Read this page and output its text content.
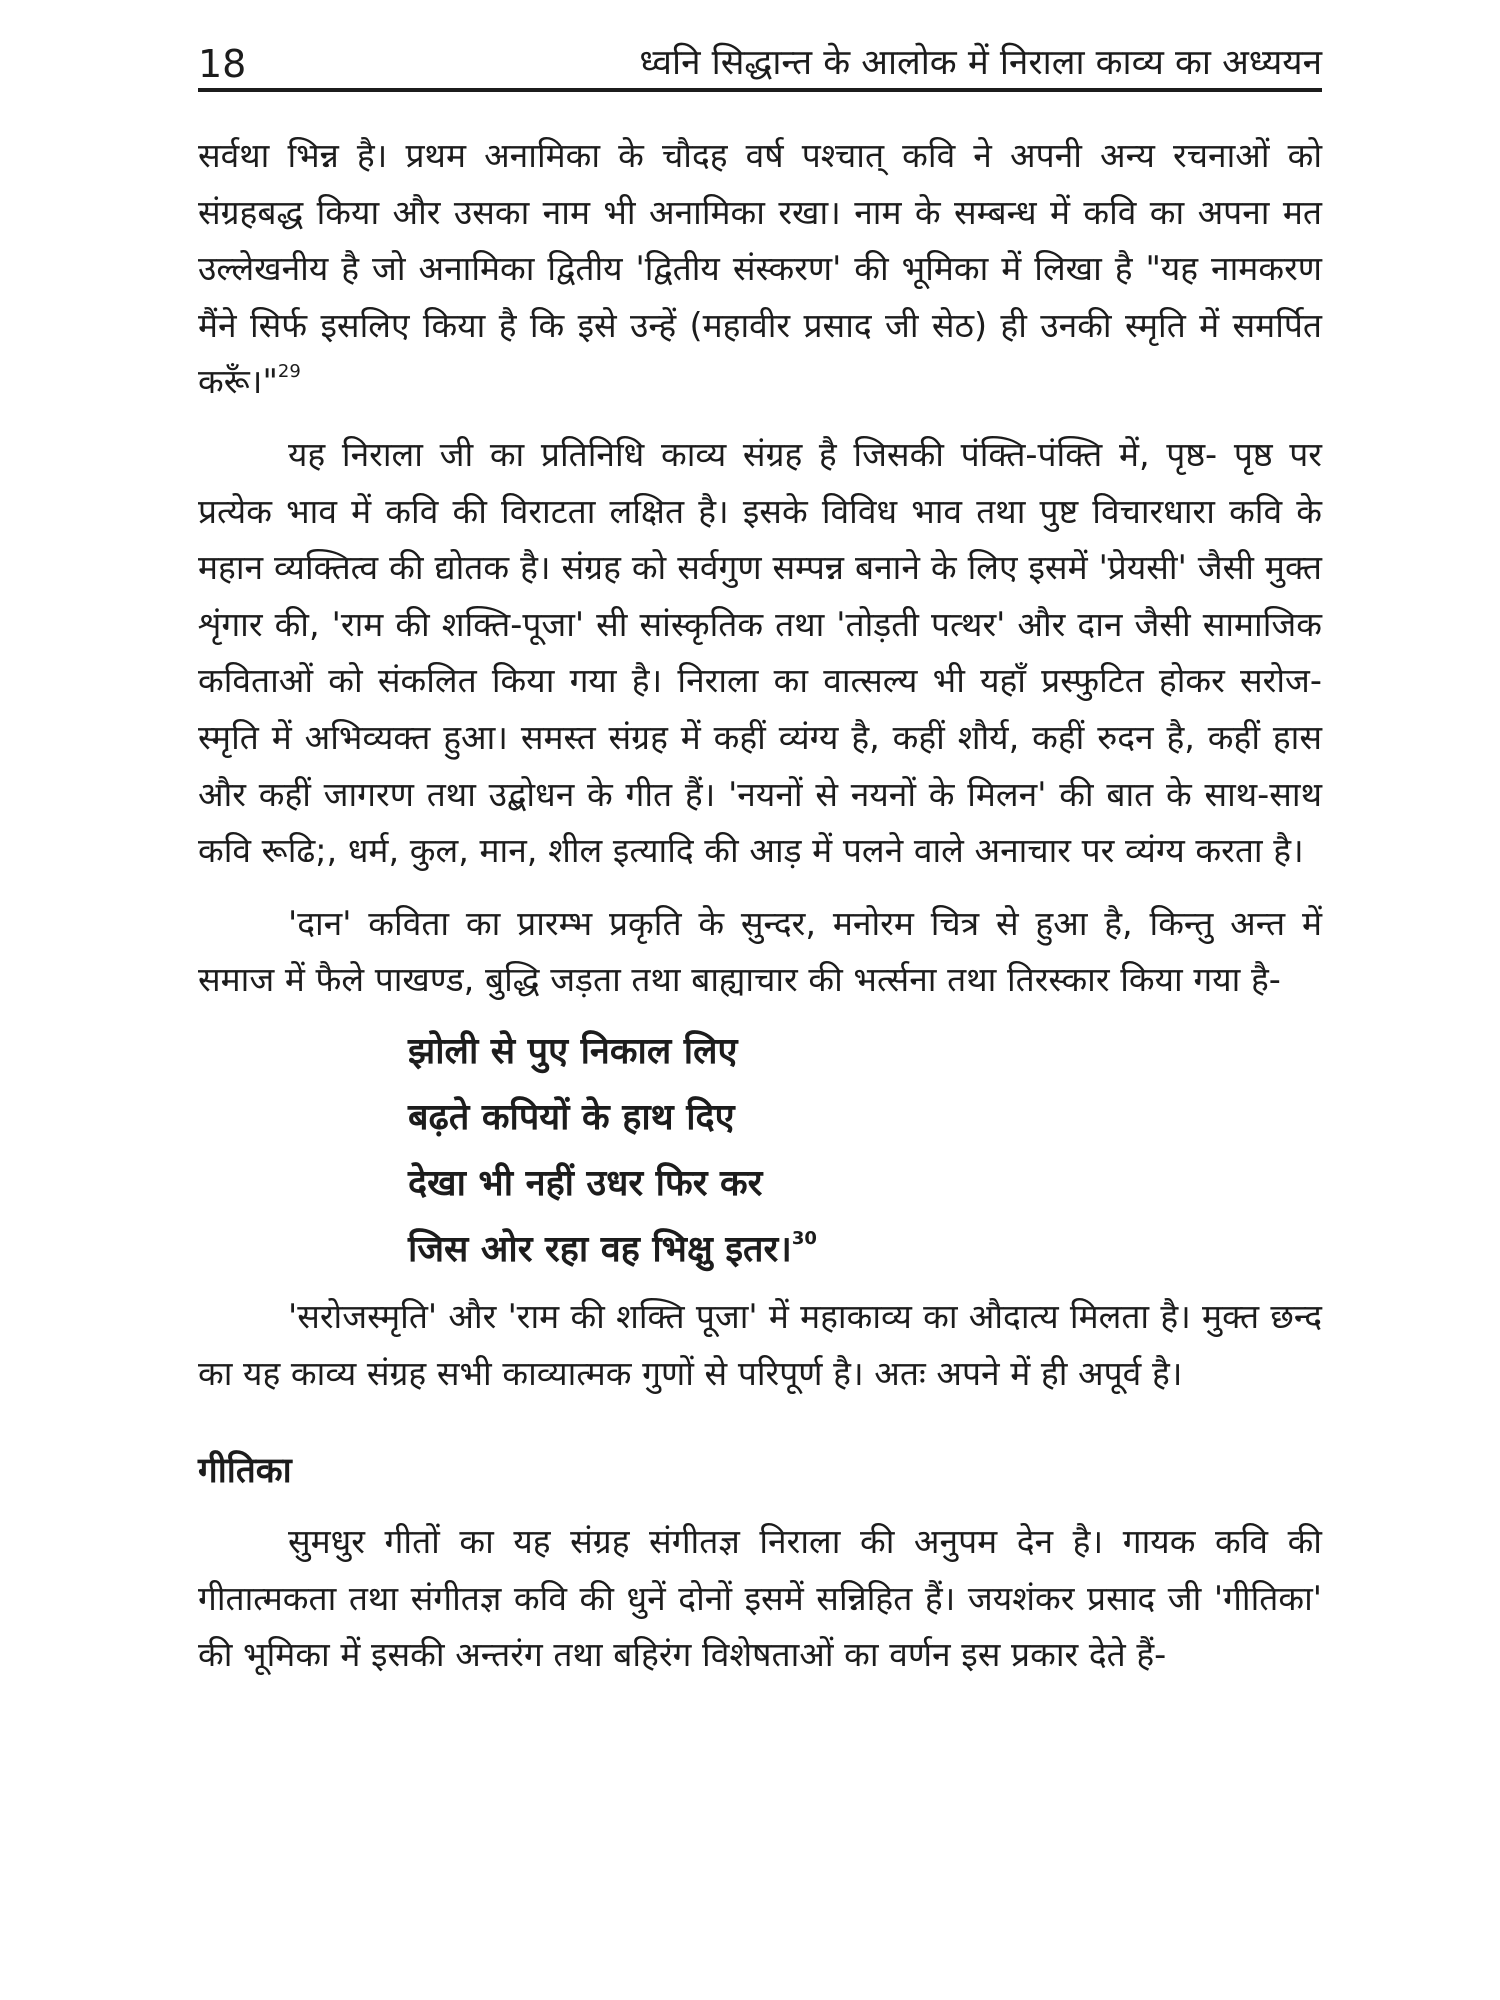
18	ध्वनि सिद्धान्त के आलोक में निराला काव्य का अध्ययन

सर्वथा भिन्न है। प्रथम अनामिका के चौदह वर्ष पश्चात् कवि ने अपनी अन्य रचनाओं को संग्रहबद्ध किया और उसका नाम भी अनामिका रखा। नाम के सम्बन्ध में कवि का अपना मत उल्लेखनीय है जो अनामिका द्वितीय 'द्वितीय संस्करण' की भूमिका में लिखा है "यह नामकरण मैंने सिर्फ इसलिए किया है कि इसे उन्हें (महावीर प्रसाद जी सेठ) ही उनकी स्मृति में समर्पित करूँ।"$^{29}$

यह निराला जी का प्रतिनिधि काव्य संग्रह है जिसकी पंक्ति-पंक्ति में, पृष्ठ- पृष्ठ पर प्रत्येक भाव में कवि की विराटता लक्षित है। इसके विविध भाव तथा पुष्ट विचारधारा कवि के महान व्यक्तित्व की द्योतक है। संग्रह को सर्वगुण सम्पन्न बनाने के लिए इसमें 'प्रेयसी' जैसी मुक्त शृंगार की, 'राम की शक्ति-पूजा' सी सांस्कृतिक तथा 'तोड़ती पत्थर' और दान जैसी सामाजिक कविताओं को संकलित किया गया है। निराला का वात्सल्य भी यहाँ प्रस्फुटित होकर सरोज-स्मृति में अभिव्यक्त हुआ। समस्त संग्रह में कहीं व्यंग्य है, कहीं शौर्य, कहीं रुदन है, कहीं हास और कहीं जागरण तथा उद्बोधन के गीत हैं। 'नयनों से नयनों के मिलन' की बात के साथ-साथ कवि रूढि;, धर्म, कुल, मान, शील इत्यादि की आड़ में पलने वाले अनाचार पर व्यंग्य करता है।

'दान' कविता का प्रारम्भ प्रकृति के सुन्दर, मनोरम चित्र से हुआ है, किन्तु अन्त में समाज में फैले पाखण्ड, बुद्धि जड़ता तथा बाह्याचार की भर्त्सना तथा तिरस्कार किया गया है-

झोली से पुए निकाल लिए
बढ़ते कपियों के हाथ दिए
देखा भी नहीं उधर फिर कर
जिस ओर रहा वह भिक्षु इतर।$^{30}$

'सरोजस्मृति' और 'राम की शक्ति पूजा' में महाकाव्य का औदात्य मिलता है। मुक्त छन्द का यह काव्य संग्रह सभी काव्यात्मक गुणों से परिपूर्ण है। अतः अपने में ही अपूर्व है।

गीतिका

सुमधुर गीतों का यह संग्रह संगीतज्ञ निराला की अनुपम देन है। गायक कवि की गीतात्मकता तथा संगीतज्ञ कवि की धुनें दोनों इसमें सन्निहित हैं। जयशंकर प्रसाद जी 'गीतिका' की भूमिका में इसकी अन्तरंग तथा बहिरंग विशेषताओं का वर्णन इस प्रकार देते हैं-
